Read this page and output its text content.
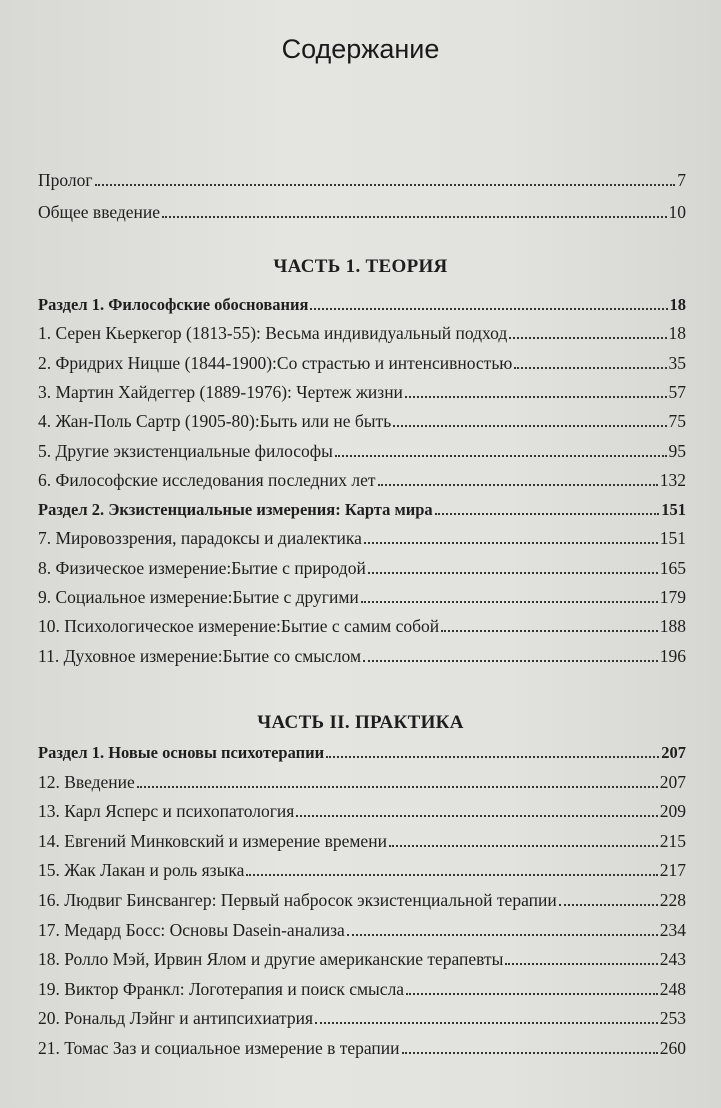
Содержание
Пролог	7
Общее введение	10
Раздел 1. Философские обоснования	18
1. Серен Кьеркегор (1813-55): Весьма индивидуальный подход	18
2. Фридрих Ницше (1844-1900):Со страстью и интенсивностью	35
3. Мартин Хайдеггер (1889-1976): Чертеж жизни	57
4. Жан-Поль Сартр (1905-80):Быть или не быть	75
5. Другие экзистенциальные философы	95
6. Философские исследования последних лет	132
Раздел 2. Экзистенциальные измерения: Карта мира	151
7. Мировоззрения, парадоксы и диалектика	151
8. Физическое измерение:Бытие с природой	165
9. Социальное измерение:Бытие с другими	179
10. Психологическое измерение:Бытие с самим собой	188
11. Духовное измерение:Бытие со смыслом	196
Раздел 1. Новые основы психотерапии	207
12. Введение	207
13. Карл Ясперс и психопатология	209
14. Евгений Минковский и измерение времени	215
15. Жак Лакан и роль языка	217
16. Людвиг Бинсвангер: Первый набросок экзистенциальной терапии	228
17. Медард Босс: Основы Dasein-анализа	234
18. Ролло Мэй, Ирвин Ялом и другие американские терапевты	243
19. Виктор Франкл: Логотерапия и поиск смысла	248
20. Рональд Лэйнг и антипсихиатрия	253
21. Томас Заз и социальное измерение в терапии	260
ЧАСТЬ 1. ТЕОРИЯ
ЧАСТЬ II. ПРАКТИКА
